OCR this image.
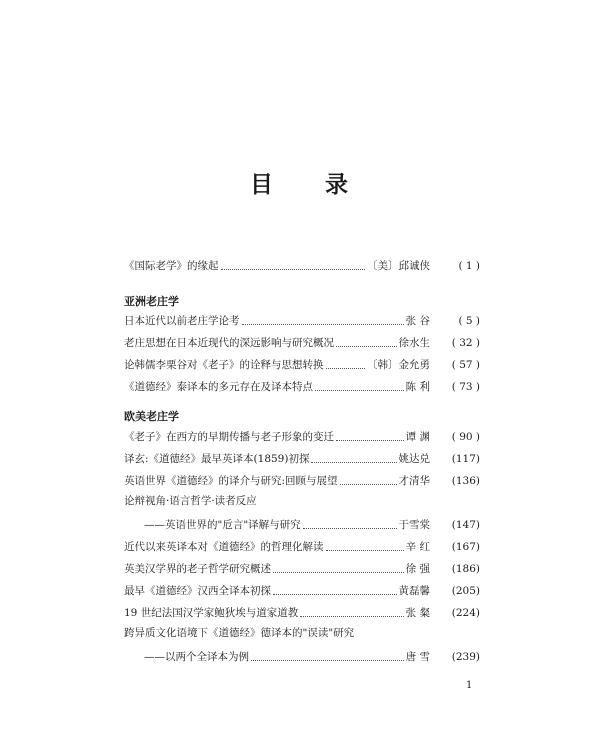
目 录
《国际老学》的缘起	〔美〕邱诚侠	( 1 )
亚洲老庄学
日本近代以前老庄学论考	张 谷	( 5 )
老庄思想在日本近现代的深远影响与研究概况	徐水生	( 32 )
论韩儒李栗谷对《老子》的诠释与思想转换	〔韩〕金允勇	( 57 )
《道德经》泰译本的多元存在及译本特点	陈 利	( 73 )
欧美老庄学
《老子》在西方的早期传播与老子形象的变迁	谭 渊	( 90 )
译玄:《道德经》最早英译本(1859)初探	姚达兑	(117)
英语世界《道德经》的译介与研究:回顾与展望	才清华	(136)
论辩视角·语言哲学·读者反应
——英语世界的"卮言"译解与研究	于雪棠	(147)
近代以来英译本对《道德经》的哲理化解读	辛 红	(167)
英美汉学界的老子哲学研究概述	徐 强	(186)
最早《道德经》汉西全译本初探	黄磊馨	(205)
19 世纪法国汉学家鲍狄埃与道家道教	张 粲	(224)
跨异质文化语境下《道德经》德译本的"误读"研究
——以两个全译本为例	唐 雪	(239)
1
